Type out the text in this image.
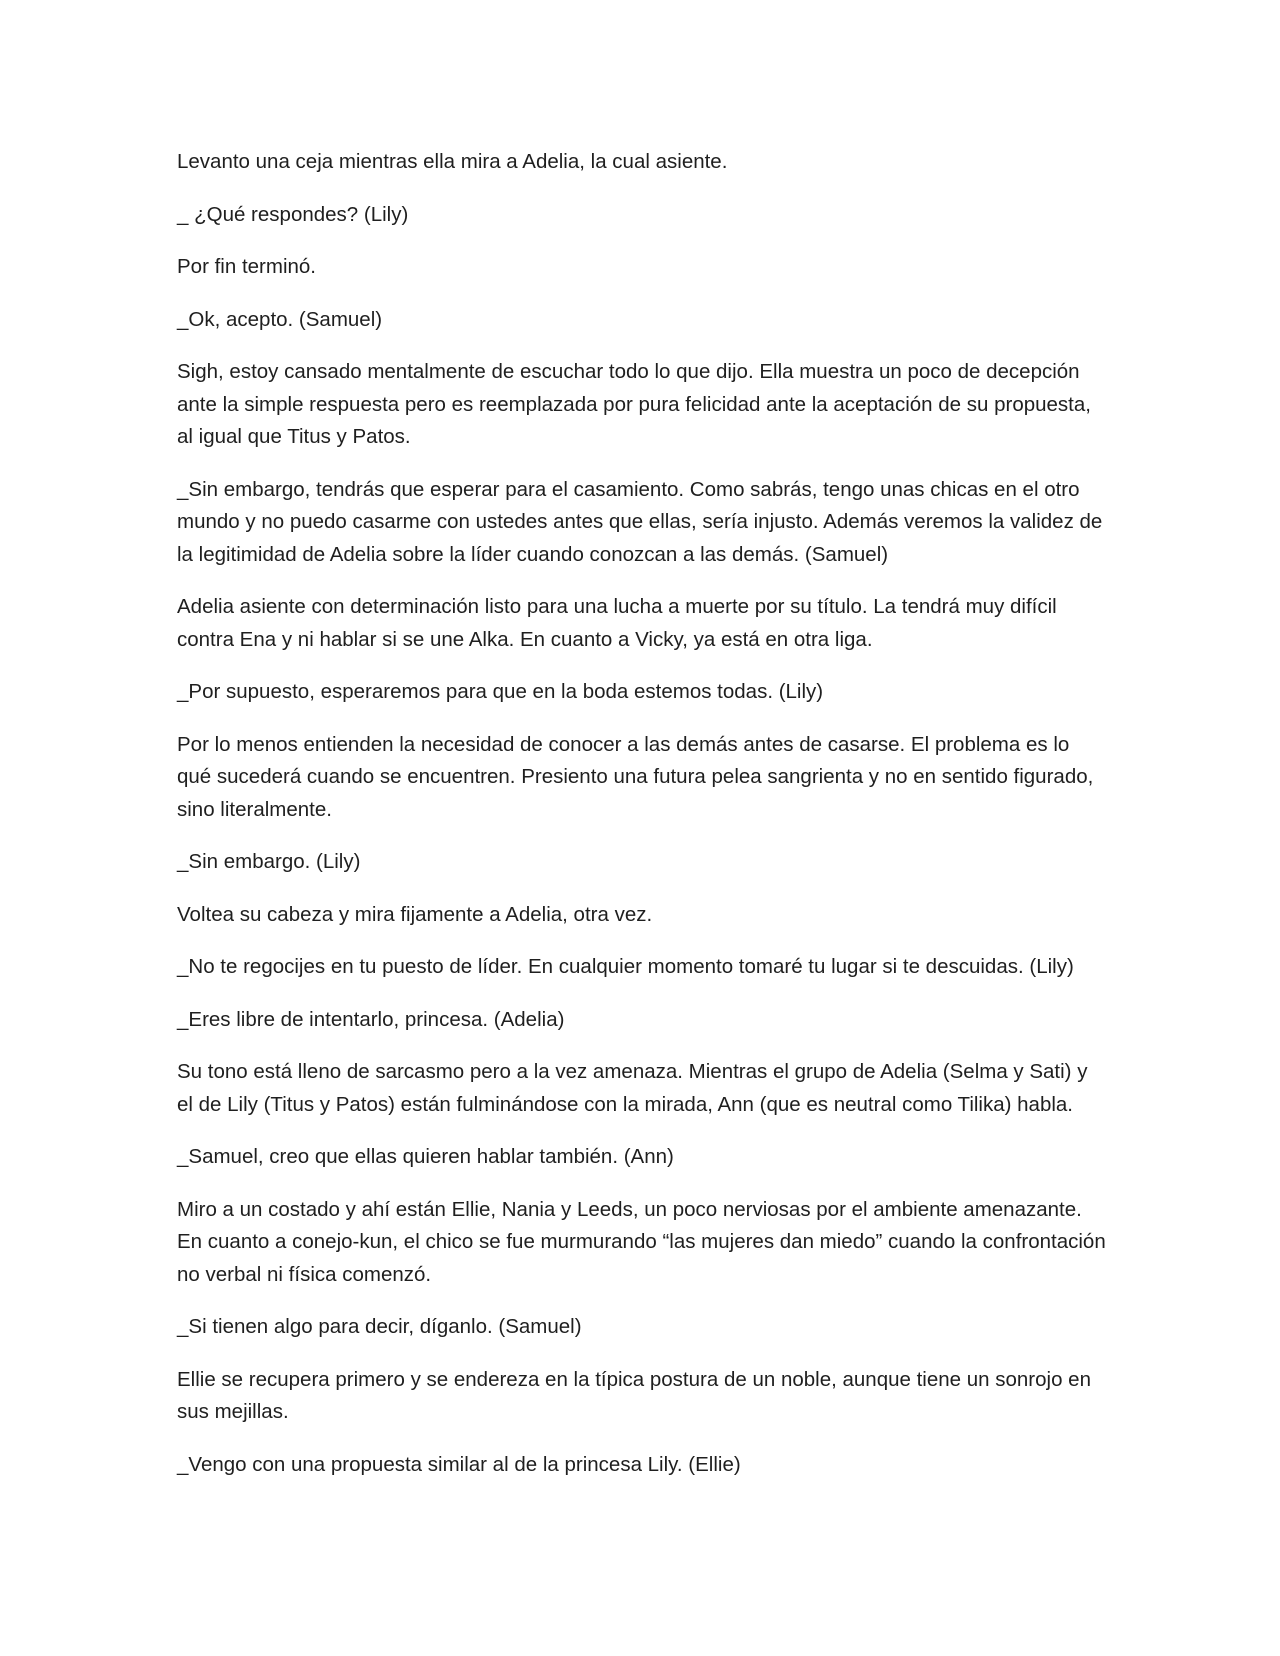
Levanto una ceja mientras ella mira a Adelia, la cual asiente.

_ ¿Qué respondes? (Lily)

Por fin terminó.

_Ok, acepto. (Samuel)

Sigh, estoy cansado mentalmente de escuchar todo lo que dijo. Ella muestra un poco de decepción ante la simple respuesta pero es reemplazada por pura felicidad ante la aceptación de su propuesta, al igual que Titus y Patos.

_Sin embargo, tendrás que esperar para el casamiento. Como sabrás, tengo unas chicas en el otro mundo y no puedo casarme con ustedes antes que ellas, sería injusto. Además veremos la validez de la legitimidad de Adelia sobre la líder cuando conozcan a las demás. (Samuel)

Adelia asiente con determinación listo para una lucha a muerte por su título. La tendrá muy difícil contra Ena y ni hablar si se une Alka. En cuanto a Vicky, ya está en otra liga.

_Por supuesto, esperaremos para que en la boda estemos todas. (Lily)

Por lo menos entienden la necesidad de conocer a las demás antes de casarse. El problema es lo qué sucederá cuando se encuentren. Presiento una futura pelea sangrienta y no en sentido figurado, sino literalmente.

_Sin embargo. (Lily)

Voltea su cabeza y mira fijamente a Adelia, otra vez.

_No te regocijes en tu puesto de líder. En cualquier momento tomaré tu lugar si te descuidas. (Lily)

_Eres libre de intentarlo, princesa. (Adelia)

Su tono está lleno de sarcasmo pero a la vez amenaza. Mientras el grupo de Adelia (Selma y Sati) y el de Lily (Titus y Patos) están fulminándose con la mirada, Ann (que es neutral como Tilika) habla.

_Samuel, creo que ellas quieren hablar también. (Ann)

Miro a un costado y ahí están Ellie, Nania y Leeds, un poco nerviosas por el ambiente amenazante. En cuanto a conejo-kun, el chico se fue murmurando “las mujeres dan miedo” cuando la confrontación no verbal ni física comenzó.

_Si tienen algo para decir, díganlo. (Samuel)

Ellie se recupera primero y se endereza en la típica postura de un noble, aunque tiene un sonrojo en sus mejillas.

_Vengo con una propuesta similar al de la princesa Lily. (Ellie)
